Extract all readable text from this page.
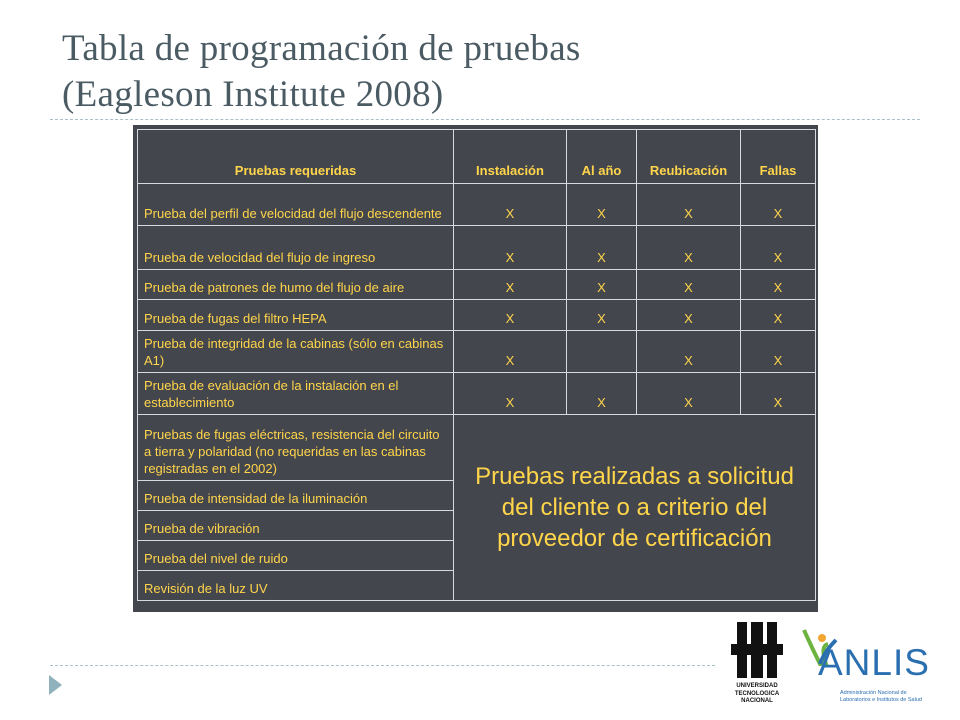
Tabla de programación de pruebas
(Eagleson Institute 2008)
Pruebas requeridas	Instalación	Al año	Reubicación	Fallas
Prueba del perfil de velocidad del flujo descendente	X	X	X	X
Prueba de velocidad del flujo de ingreso	X	X	X	X
Prueba de patrones de humo del flujo de aire	X	X	X	X
Prueba de fugas del filtro HEPA	X	X	X	X
Prueba de integridad de la cabinas (sólo en cabinas A1)	X		X	X
Prueba de evaluación de la instalación en el establecimiento	X	X	X	X
Pruebas de fugas eléctricas, resistencia del circuito a tierra y polaridad (no requeridas en las cabinas registradas en el 2002)	Pruebas realizadas a solicitud del cliente o a criterio del proveedor de certificación			
Prueba de intensidad de la iluminación				
Prueba de vibración				
Prueba del nivel de ruido				
Revisión de la luz UV				
UNIVERSIDAD
TECNOLOGICA
NACIONAL
ANLIS
Administración Nacional de
Laboratorios e Institutos de Salud
